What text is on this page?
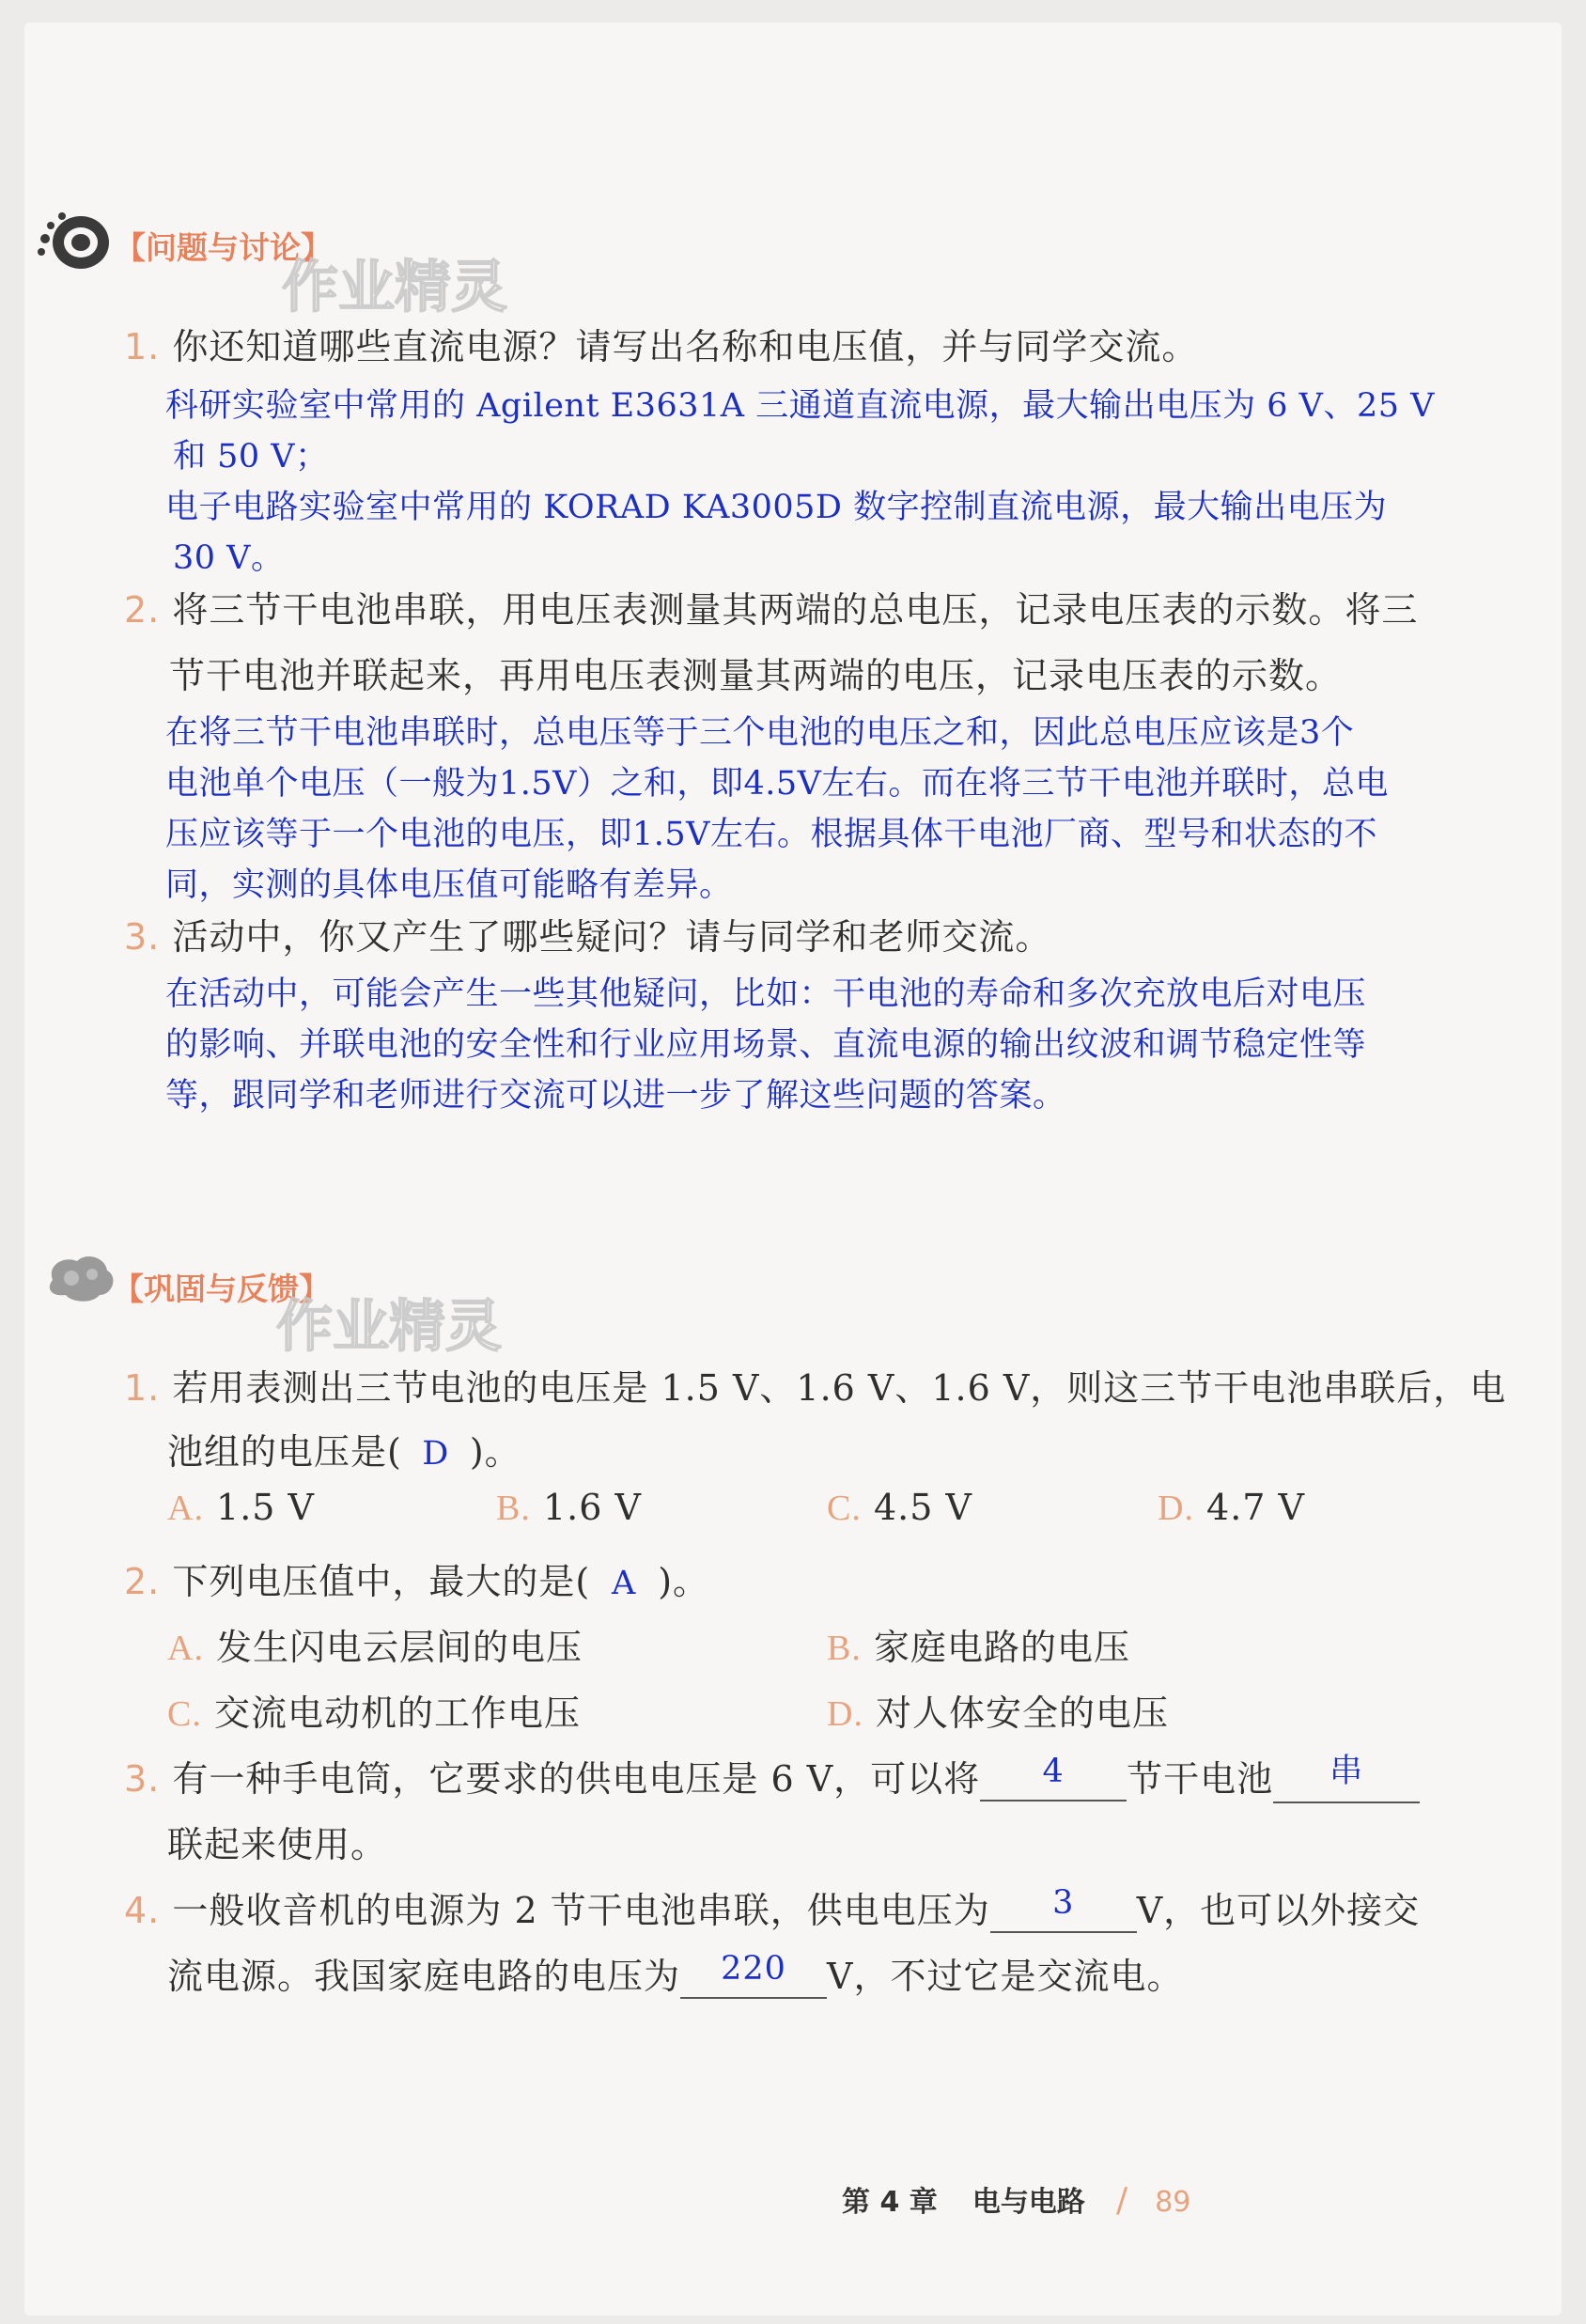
【问题与讨论】
作业精灵
1. 你还知道哪些直流电源？请写出名称和电压值，并与同学交流。
科研实验室中常用的 Agilent E3631A 三通道直流电源，最大输出电压为 6 V、25 V
和 50 V；
电子电路实验室中常用的 KORAD KA3005D 数字控制直流电源，最大输出电压为
30 V。
2. 将三节干电池串联，用电压表测量其两端的总电压，记录电压表的示数。将三
节干电池并联起来，再用电压表测量其两端的电压，记录电压表的示数。
在将三节干电池串联时，总电压等于三个电池的电压之和，因此总电压应该是3个
电池单个电压（一般为1.5V）之和，即4.5V左右。而在将三节干电池并联时，总电
压应该等于一个电池的电压，即1.5V左右。根据具体干电池厂商、型号和状态的不
同，实测的具体电压值可能略有差异。
3. 活动中，你又产生了哪些疑问？请与同学和老师交流。
在活动中，可能会产生一些其他疑问，比如：干电池的寿命和多次充放电后对电压
的影响、并联电池的安全性和行业应用场景、直流电源的输出纹波和调节稳定性等
等，跟同学和老师进行交流可以进一步了解这些问题的答案。
【巩固与反馈】
作业精灵
1. 若用表测出三节电池的电压是 1.5 V、1.6 V、1.6 V，则这三节干电池串联后，电
池组的电压是( D )。
A. 1.5 V	B. 1.6 V	C. 4.5 V	D. 4.7 V
2. 下列电压值中，最大的是( A )。
A. 发生闪电云层间的电压	B. 家庭电路的电压
C. 交流电动机的工作电压	D. 对人体安全的电压
3. 有一种手电筒，它要求的供电电压是 6 V，可以将 4 节干电池 串
联起来使用。
4. 一般收音机的电源为 2 节干电池串联，供电电压为 3 V，也可以外接交
流电源。我国家庭电路的电压为 220 V，不过它是交流电。
第 4 章 电与电路 / 89
